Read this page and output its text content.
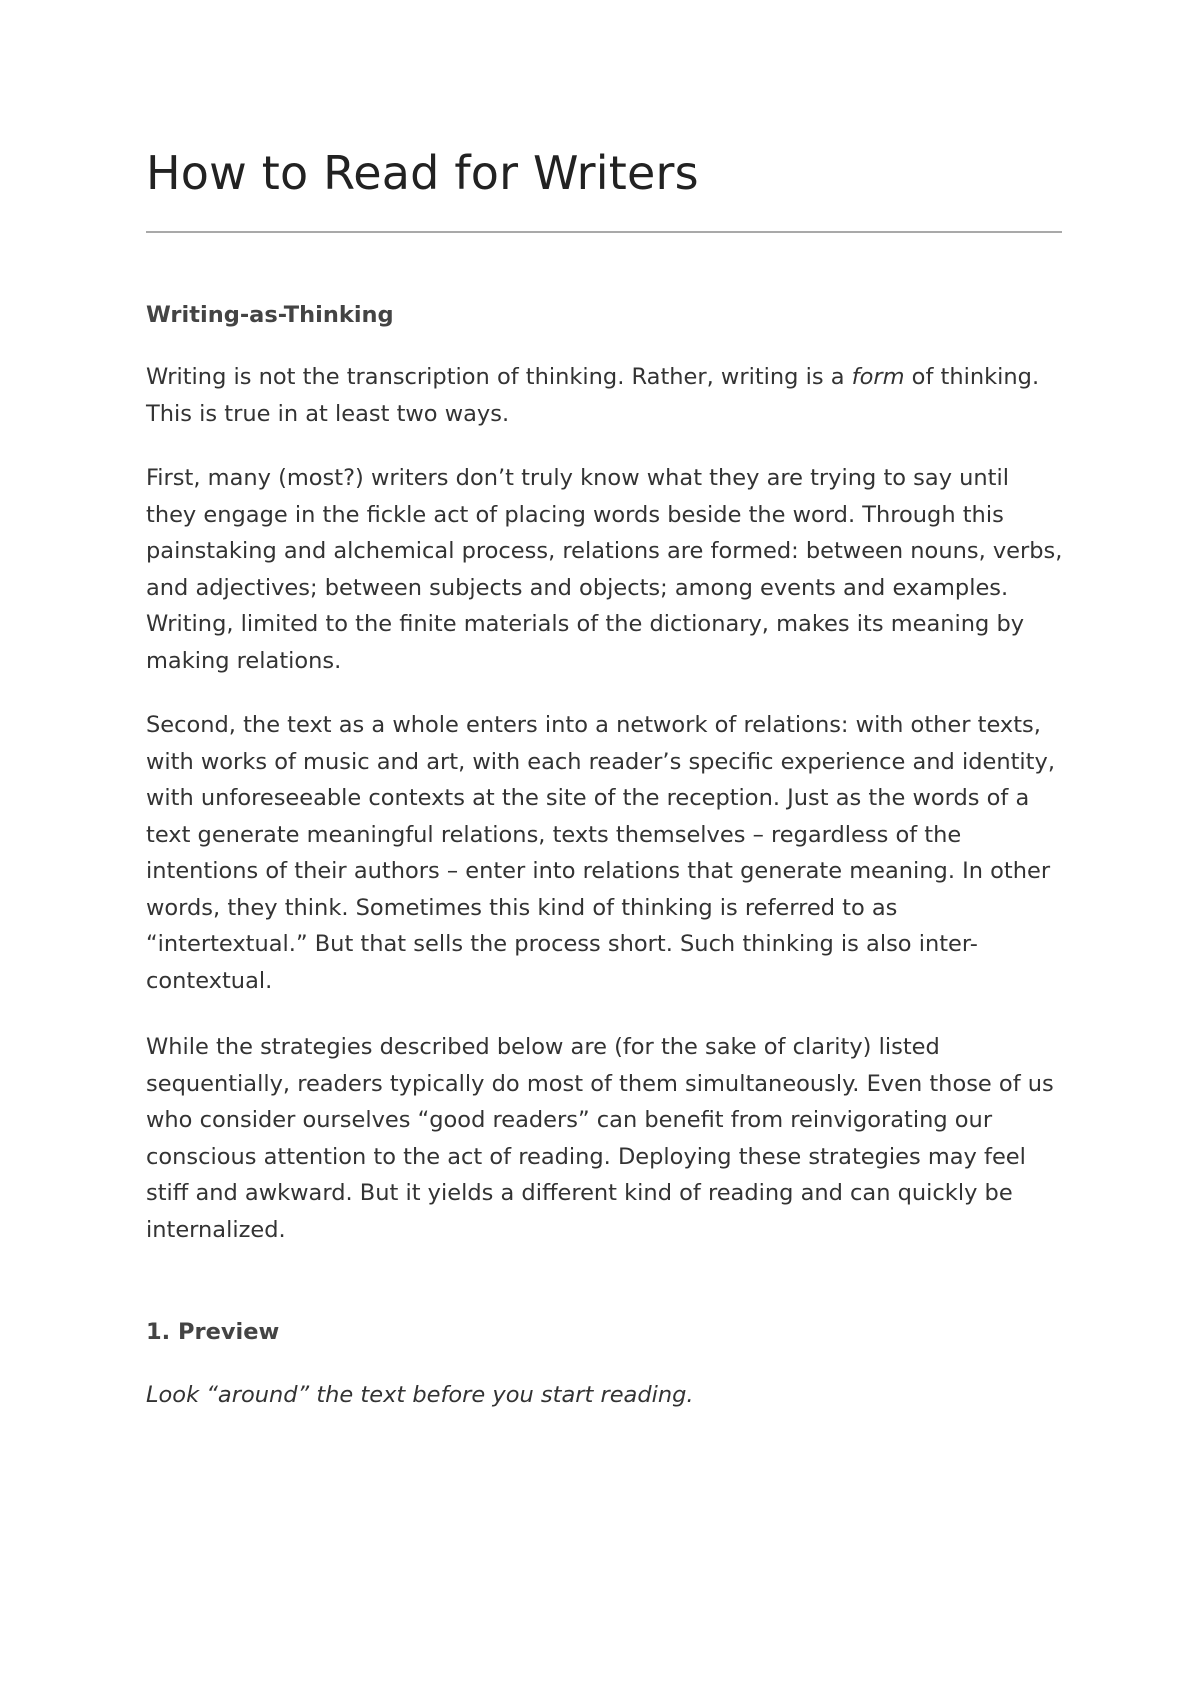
How to Read for Writers
Writing-as-Thinking

Writing is not the transcription of thinking. Rather, writing is a form of thinking. This is true in at least two ways.

First, many (most?) writers don’t truly know what they are trying to say until they engage in the fickle act of placing words beside the word. Through this painstaking and alchemical process, relations are formed: between nouns, verbs, and adjectives; between subjects and objects; among events and examples. Writing, limited to the finite materials of the dictionary, makes its meaning by making relations.

Second, the text as a whole enters into a network of relations: with other texts, with works of music and art, with each reader’s specific experience and identity, with unforeseeable contexts at the site of the reception. Just as the words of a text generate meaningful relations, texts themselves – regardless of the intentions of their authors – enter into relations that generate meaning. In other words, they think. Sometimes this kind of thinking is referred to as “intertextual.” But that sells the process short. Such thinking is also inter-contextual.

While the strategies described below are (for the sake of clarity) listed sequentially, readers typically do most of them simultaneously. Even those of us who consider ourselves “good readers” can benefit from reinvigorating our conscious attention to the act of reading. Deploying these strategies may feel stiff and awkward. But it yields a different kind of reading and can quickly be internalized.

1. Preview

Look “around” the text before you start reading.
